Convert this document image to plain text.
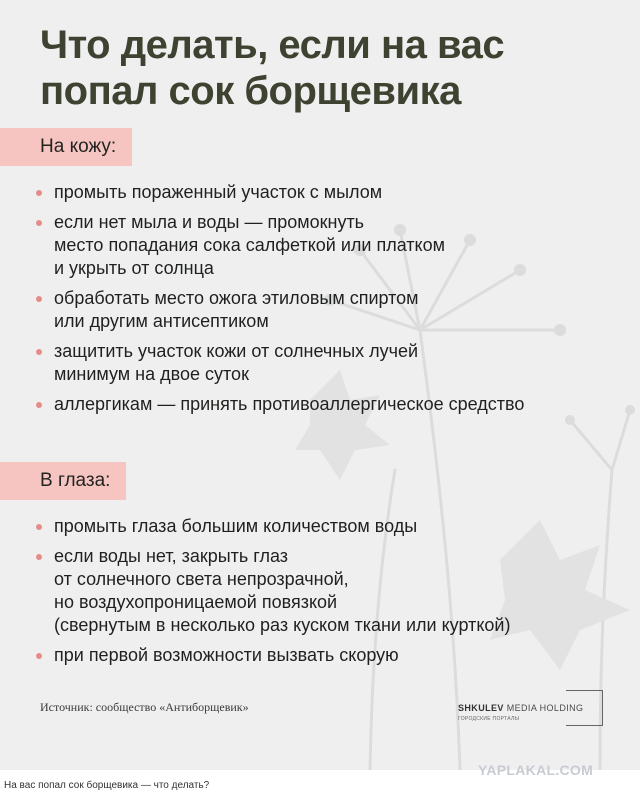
Что делать, если на вас
попал сок борщевика
На кожу:
промыть пораженный участок с мылом
если нет мыла и воды — промокнуть
место попадания сока салфеткой или платком
и укрыть от солнца
обработать место ожога этиловым спиртом
или другим антисептиком
защитить участок кожи от солнечных лучей
минимум на двое суток
аллергикам — принять противоаллергическое средство
В глаза:
промыть глаза большим количеством воды
если воды нет, закрыть глаз
от солнечного света непрозрачной,
но воздухопроницаемой повязкой
(свернутым в несколько раз куском ткани или курткой)
при первой возможности вызвать скорую
Источник: сообщество «Антиборщевик»	SHKULEV MEDIA HOLDING
ГОРОДСКИЕ ПОРТАЛЫ
YAPLAKAL.COM
На вас попал сок борщевика — что делать?
